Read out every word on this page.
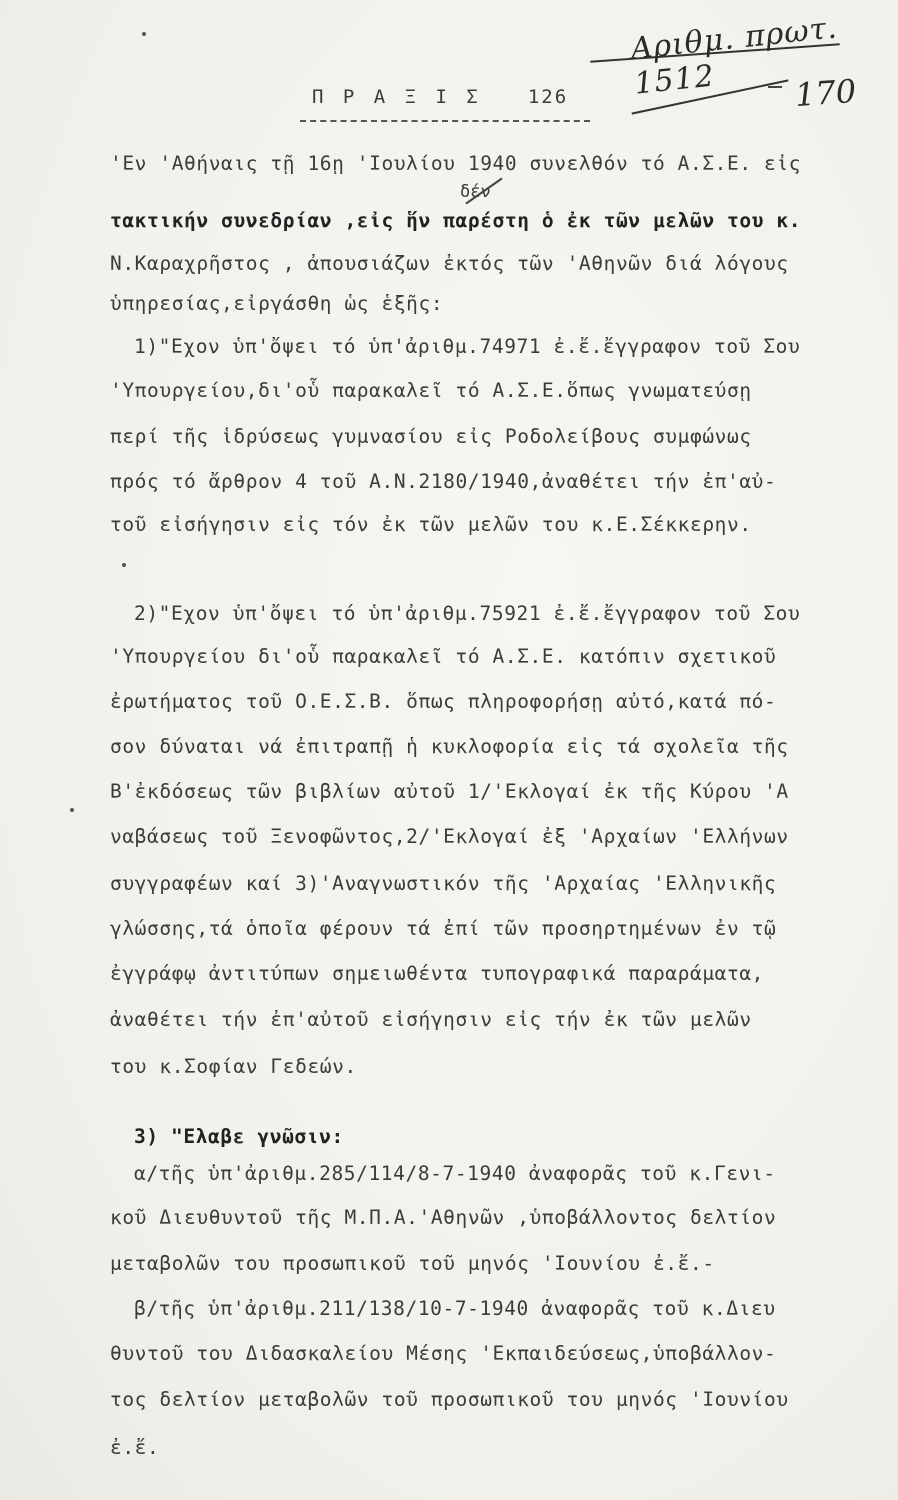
Αριθμ. πρωτ. 1512	170
Π Ρ Α Ξ Ι Σ 126
δέν
'Εν 'Αθήναις τῇ 16ῃ 'Ιουλίου 1940 συνελθόν τό Α.Σ.Ε. εἰς
τακτικήν συνεδρίαν ,εἰς ἥν παρέστη ὁ ἐκ τῶν μελῶν του κ.
Ν.Καραχρῆστος , ἀπουσιάζων ἐκτός τῶν 'Αθηνῶν διά λόγους
ὑπηρεσίας,εἰργάσθη ὡς ἑξῆς:
1)"Εχον ὑπ'ὄψει τό ὑπ'ἀριθμ.74971 ἐ.ἔ.ἔγγραφον τοῦ Σου
'Υπουργείου,δι'οὗ παρακαλεῖ τό Α.Σ.Ε.ὅπως γνωματεύσῃ
περί τῆς ἱδρύσεως γυμνασίου εἰς Ροδολείβους συμφώνως
πρός τό ἄρθρον 4 τοῦ Α.Ν.2180/1940,ἀναθέτει τήν ἐπ'αὐ-
τοῦ εἰσήγησιν εἰς τόν ἐκ τῶν μελῶν του κ.Ε.Σέκκερην.
2)"Εχον ὑπ'ὄψει τό ὑπ'ἀριθμ.75921 ἐ.ἔ.ἔγγραφον τοῦ Σου
'Υπουργείου δι'οὗ παρακαλεῖ τό Α.Σ.Ε. κατόπιν σχετικοῦ
ἐρωτήματος τοῦ Ο.Ε.Σ.Β. ὅπως πληροφορήσῃ αὐτό,κατά πό-
σον δύναται νά ἐπιτραπῇ ἡ κυκλοφορία εἰς τά σχολεῖα τῆς
Β'ἐκδόσεως τῶν βιβλίων αὐτοῦ 1/'Εκλογαί ἐκ τῆς Κύρου 'Α
ναβάσεως τοῦ Ξενοφῶντος,2/'Εκλογαί ἐξ 'Αρχαίων 'Ελλήνων
συγγραφέων καί 3)'Αναγνωστικόν τῆς 'Αρχαίας 'Ελληνικῆς
γλώσσης,τά ὁποῖα φέρουν τά ἐπί τῶν προσηρτημένων ἐν τῷ
ἐγγράφῳ ἀντιτύπων σημειωθέντα τυπογραφικά παραράματα,
ἀναθέτει τήν ἐπ'αὐτοῦ εἰσήγησιν εἰς τήν ἐκ τῶν μελῶν
του κ.Σοφίαν Γεδεών.
3) "Ελαβε γνῶσιν:
α/τῆς ὑπ'ἀριθμ.285/114/8-7-1940 ἀναφορᾶς τοῦ κ.Γενι-
κοῦ Διευθυντοῦ τῆς Μ.Π.Α.'Αθηνῶν ,ὑποβάλλοντος δελτίον
μεταβολῶν του προσωπικοῦ τοῦ μηνός 'Ιουνίου ἐ.ἔ.-
β/τῆς ὑπ'ἀριθμ.211/138/10-7-1940 ἀναφορᾶς τοῦ κ.Διευ
θυντοῦ του Διδασκαλείου Μέσης 'Εκπαιδεύσεως,ὑποβάλλον-
τος δελτίον μεταβολῶν τοῦ προσωπικοῦ του μηνός 'Ιουνίου
ἐ.ἔ.
